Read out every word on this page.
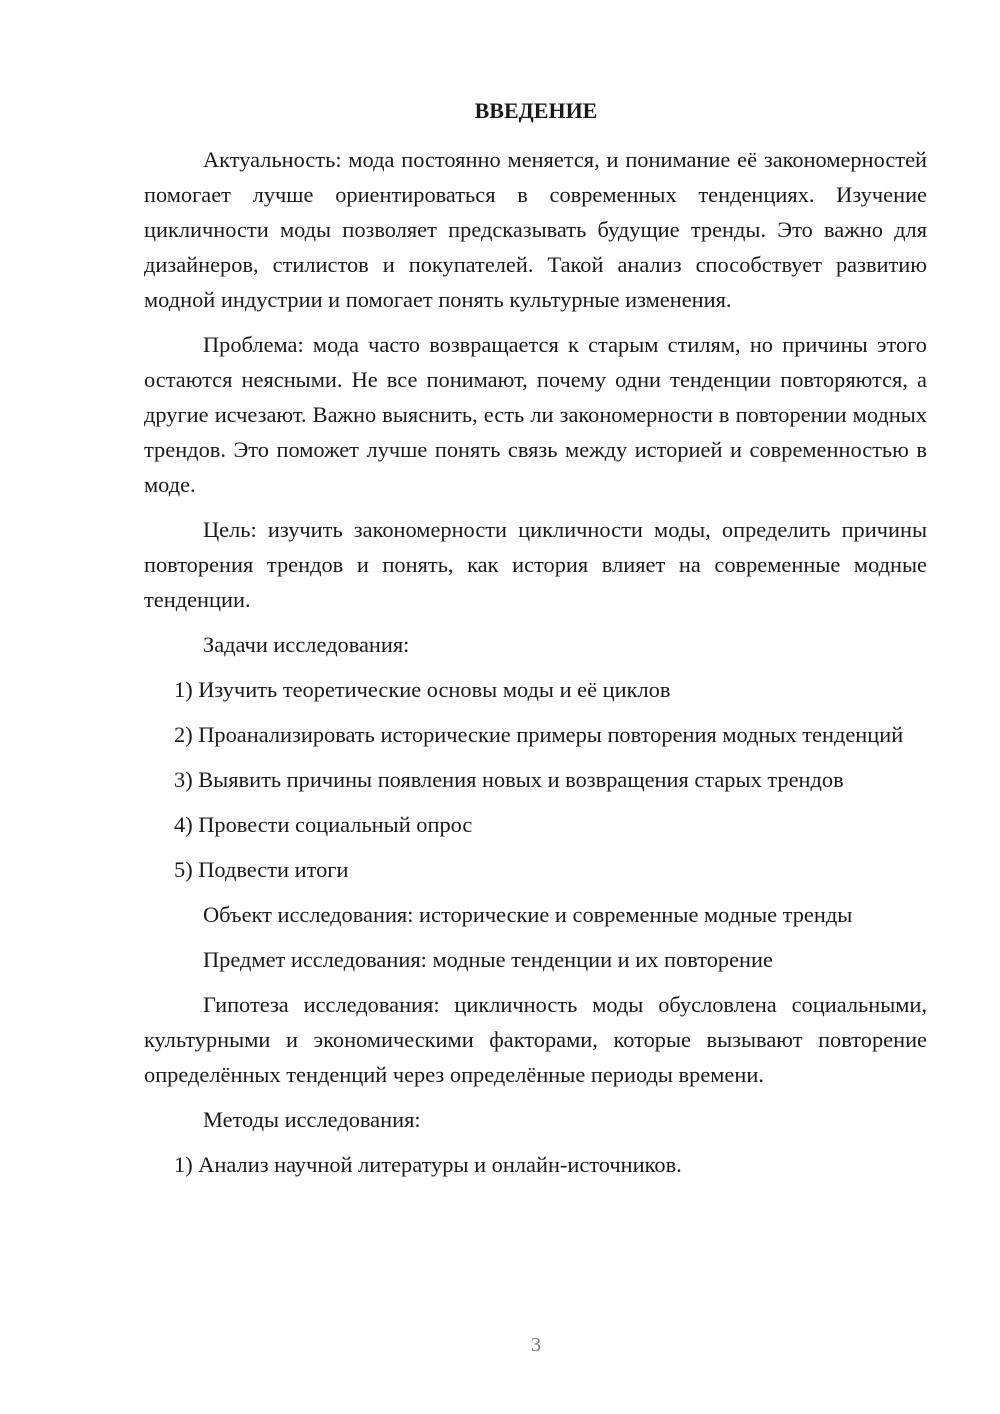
ВВЕДЕНИЕ

Актуальность: мода постоянно меняется, и понимание её закономерностей помогает лучше ориентироваться в современных тенденциях. Изучение цикличности моды позволяет предсказывать будущие тренды. Это важно для дизайнеров, стилистов и покупателей. Такой анализ способствует развитию модной индустрии и помогает понять культурные изменения.

Проблема: мода часто возвращается к старым стилям, но причины этого остаются неясными. Не все понимают, почему одни тенденции повторяются, а другие исчезают. Важно выяснить, есть ли закономерности в повторении модных трендов. Это поможет лучше понять связь между историей и современностью в моде.

Цель: изучить закономерности цикличности моды, определить причины повторения трендов и понять, как история влияет на современные модные тенденции.

Задачи исследования:

1) Изучить теоретические основы моды и её циклов

2) Проанализировать исторические примеры повторения модных тенденций

3) Выявить причины появления новых и возвращения старых трендов

4) Провести социальный опрос

5) Подвести итоги

Объект исследования: исторические и современные модные тренды

Предмет исследования: модные тенденции и их повторение

Гипотеза исследования: цикличность моды обусловлена социальными, культурными и экономическими факторами, которые вызывают повторение определённых тенденций через определённые периоды времени.

Методы исследования:

1) Анализ научной литературы и онлайн-источников.

3
